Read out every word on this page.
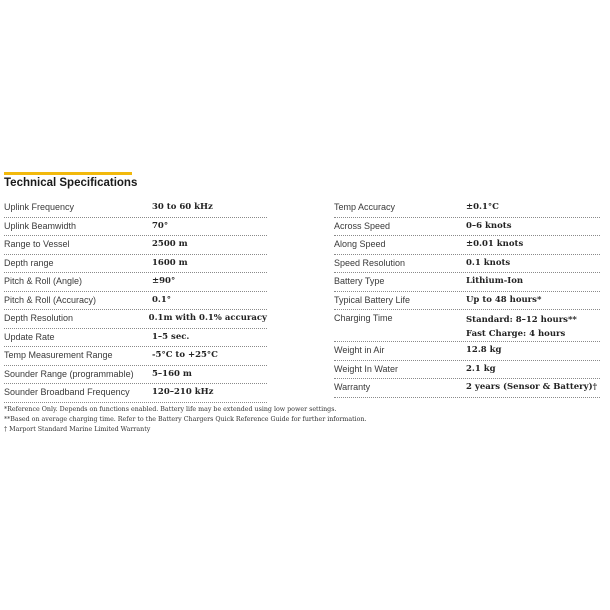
Technical Specifications
Uplink Frequency	30 to 60 kHz
Uplink Beamwidth	70°
Range to Vessel	2500 m
Depth range	1600 m
Pitch & Roll (Angle)	±90°
Pitch & Roll (Accuracy)	0.1°
Depth Resolution	0.1m with 0.1% accuracy
Update Rate	1–5 sec.
Temp Measurement Range	-5°C to +25°C
Sounder Range (programmable)	5–160 m
Sounder Broadband Frequency	120–210 kHz
Temp Accuracy	±0.1°C
Across Speed	0–6 knots
Along Speed	±0.01 knots
Speed Resolution	0.1 knots
Battery Type	Lithium-Ion
Typical Battery Life	Up to 48 hours*
Charging Time	Standard: 8–12 hours**
Fast Charge: 4 hours
Weight in Air	12.8 kg
Weight In Water	2.1 kg
Warranty	2 years (Sensor & Battery)†
*Reference Only. Depends on functions enabled. Battery life may be extended using low power settings.
**Based on average charging time. Refer to the Battery Chargers Quick Reference Guide for further information.
† Marport Standard Marine Limited Warranty
